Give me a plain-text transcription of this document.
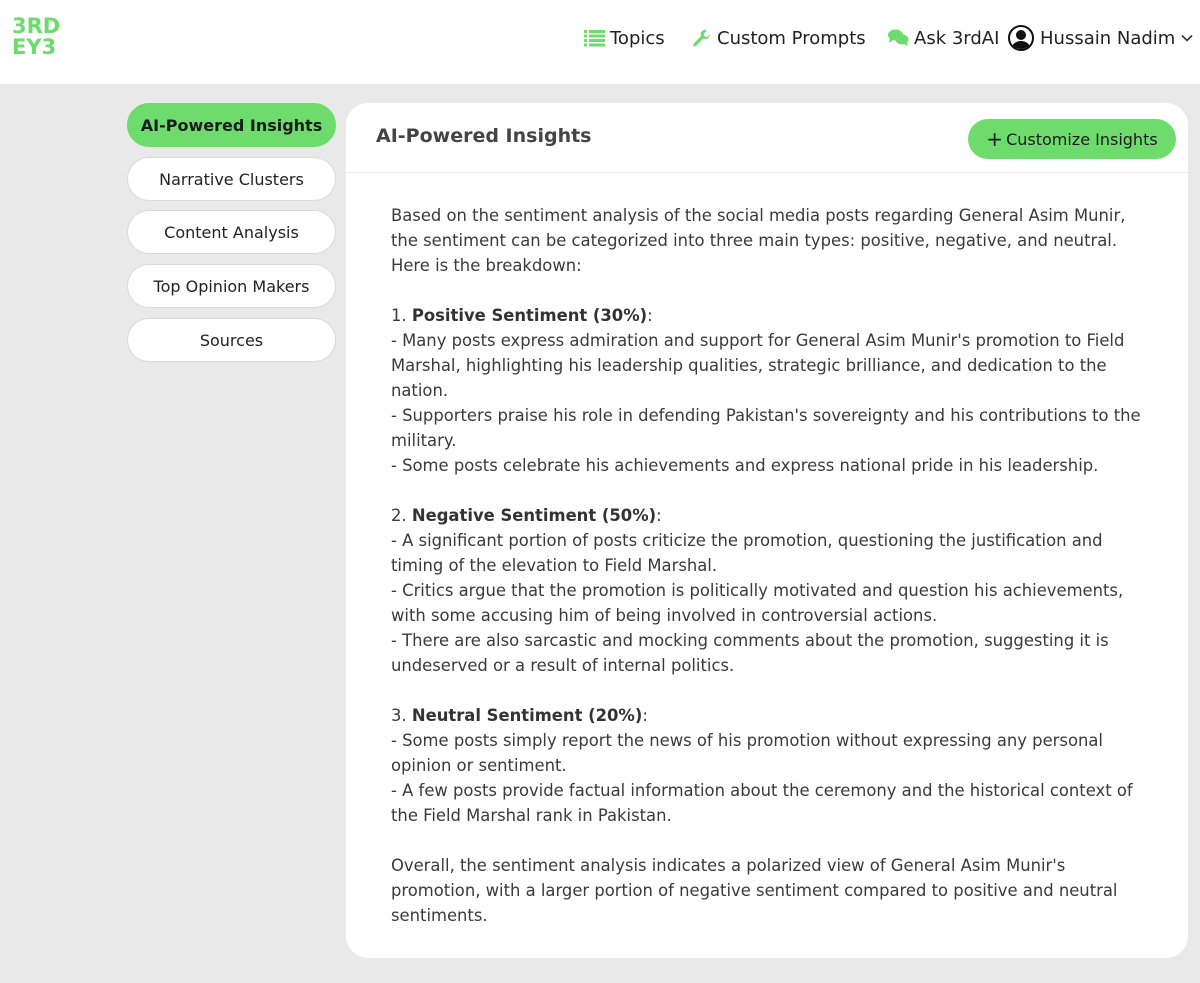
3RD
EY3	Topics	Custom Prompts	Ask 3rdAI Hussain Nadim
AI-Powered Insights
Narrative Clusters
Content Analysis
Top Opinion Makers
Sources
AI-Powered Insights	+ Customize Insights

Based on the sentiment analysis of the social media posts regarding General Asim Munir, the sentiment can be categorized into three main types: positive, negative, and neutral. Here is the breakdown:

1. Positive Sentiment (30%):

- Many posts express admiration and support for General Asim Munir's promotion to Field Marshal, highlighting his leadership qualities, strategic brilliance, and dedication to the nation.

- Supporters praise his role in defending Pakistan's sovereignty and his contributions to the military.

- Some posts celebrate his achievements and express national pride in his leadership.

2. Negative Sentiment (50%):

- A significant portion of posts criticize the promotion, questioning the justification and timing of the elevation to Field Marshal.

- Critics argue that the promotion is politically motivated and question his achievements, with some accusing him of being involved in controversial actions.

- There are also sarcastic and mocking comments about the promotion, suggesting it is undeserved or a result of internal politics.

3. Neutral Sentiment (20%):

- Some posts simply report the news of his promotion without expressing any personal opinion or sentiment.

- A few posts provide factual information about the ceremony and the historical context of the Field Marshal rank in Pakistan.

Overall, the sentiment analysis indicates a polarized view of General Asim Munir's promotion, with a larger portion of negative sentiment compared to positive and neutral sentiments.
